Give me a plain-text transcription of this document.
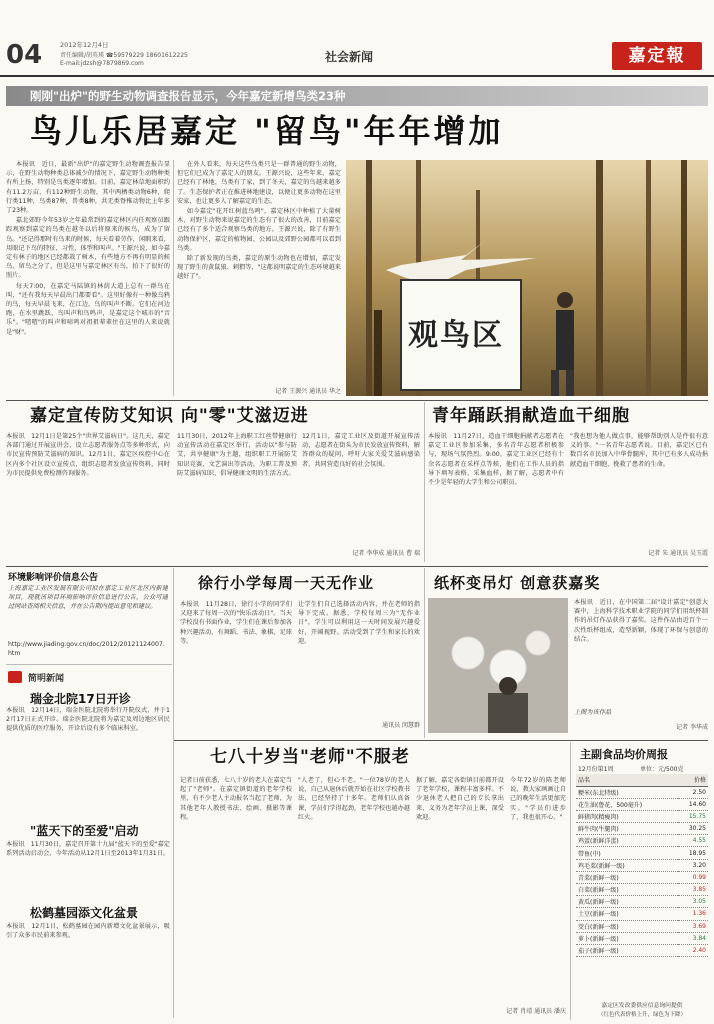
04	2012年12月4日
责任编辑/胡英瑛 ☎59579229 18601612225
E-mail:jdzsh@7879869.com	社会新闻	嘉定報
刚刚"出炉"的野生动物调查报告显示，今年嘉定新增鸟类23种
鸟儿乐居嘉定 "留鸟"年年增加

本报讯　近日，最新"出炉"的嘉定野生动物调查报告显示，在野生动物种类总体减少的情况下，嘉定野生动物种类有所上扬，特别是鸟类逐年增加。目前，嘉定林草地面积约有11.2万亩，有112种野生动物，其中两栖类动物6种，爬行类11种，鸟类87种，兽类8种，共无类脊椎动物比上年多了23种。

嘉北郊野今年53岁之年最常到的嘉定林区内任观察员跟踪观察到嘉定的鸟类在越冬以后将原来的候鸟，成为了留鸟。"还记得那时有鸟来的时候，每天看着劳作，闲暇来看，用眼记下鸟的特征，习性，体型和叫声。"王源兴说，如今嘉定有林子的地区已经都栽了树木，有些地方不再有明显的候鸟、留鸟之分了，但是这里与嘉定林区有鸟，拍下了很好的照片。

每天7:00，在嘉定马陆镇的林荫大道上总有一群鸟在叫，"还有我每天早晨出门都要看"。这里好像有一种像乌鸦的鸟，每天早晨飞来，在江边，鸟的叫声不断。它们在河边跑，在水里跳跃，鸟叫声和鸟鸣声，是嘉定这个城市的"音乐"。"喳喳"的叫声和啼鸣对祖祖辈辈住在这里的人来说就是"财"。

在外人看来，每天这些鸟类只是一群普通的野生动物，但它们已成为了嘉定人的朋友。王源兴说，这些年来，嘉定已经有了林地，鸟类有了家，到了冬天，嘉定的鸟越来越多了。生态保护者正在推进林地建设，以便让更多动物在这里安家，也让更多人了解嘉定的生态。

如今嘉定"花开红树蓝鸟鸣"，嘉定林区中种植了大量树木，对野生动物来说嘉定的生态有了很大的改善，目前嘉定已经有了多个适合观察鸟类的地方。王源兴说，除了有野生动物保护区，嘉定的植物园、公园以及郊野公园都可以看到鸟类。

除了新发现的鸟类，嘉定的原生动物也在增加，嘉定发现了野生的黄鼠狼、刺猬等，"这都说明嘉定的生态环境越来越好了"。

记者 王源兴 通讯员 华之
观鸟区
嘉定宣传防艾知识 向"零"艾滋迈进
本报讯　12月1日是第25个"世界艾滋病日"。这几天，嘉定各部门通过开展宣讲会、设立志愿者服务点等多种形式，向市民宣传预防艾滋病的知识。12月1日，嘉定区疾控中心在区内多个社区设立宣传点，组织志愿者发放宣传资料，同时为市民提供免费检测咨询服务。
11月30日，2012年上海职工红丝带健康行动宣传活动在嘉定区举行，活动以"参与防艾，共享健康"为主题，组织职工开展防艾知识竞赛、文艺演出等活动，为职工普及预防艾滋病知识，倡导健康文明的生活方式。
12月1日，嘉定工业区及街道开展宣传活动，志愿者在街头为市民发放宣传资料，解答群众的疑问，呼吁大家关爱艾滋病感染者，共同营造良好的社会氛围。
记者 李华成 通讯员 曹 瑞
青年踊跃捐献造血干细胞
本报讯　11月27日，造血干细胞捐献者志愿者在嘉定工业区参加采集，多名青年志愿者积极参与，现场气氛热烈。9:00，嘉定工业区已经有十余名志愿者在采样点等候，他们在工作人员的指导下填写表格、采集血样，据了解，志愿者中有不少是年轻的大学生和公司职员。
"我也想为他人做点事，能够帮助别人是件很有意义的事。"一名青年志愿者说。目前，嘉定区已有数百名市民加入中华骨髓库，其中已有多人成功捐献造血干细胞，挽救了患者的生命。
记者 朱 通讯员 吴玉霞
环境影响评价信息公告
上海嘉定工业区发展有限公司拟在嘉定工业区北区内新建项目，现就该项目环境影响评价信息进行公告，公众可通过网站查阅相关信息，并在公告期内提出意见和建议。
http://www.jiading.gov.cn/doc/2012/20121124007.htm
简明新闻
瑞金北院17日开诊
本报讯　12月14日，瑞金医院北院将举行开院仪式，并于12月17日正式开诊。瑞金医院北院将为嘉定及周边地区居民提供优质的医疗服务，开诊后设有多个临床科室。
"蓝天下的至爱"启动
本报讯　11月30日，嘉定召开第十九届"蓝天下的至爱"嘉定系列活动启动会，今年活动从12月1日至2013年1月31日。
松鹤墓园添文化盆景
本报讯　12月1日，松鹤墓园在园内新增文化盆景展示，吸引了众多市民前来参观。
徐行小学每周一天无作业
本报讯　11月28日，徐行小学的同学们又迎来了每周一次的"快乐活动日"。当天学校没有书面作业，学生们在课后参加各种兴趣活动，有舞蹈、书法、象棋、足球等。
让学生们自己选择活动内容，并在老师的指导下完成。据悉，学校每周三为"无作业日"，学生可以利用这一天时间发展兴趣爱好，开阔视野。活动受到了学生和家长的欢迎。
通讯员 闵慧群
纸杯变吊灯 创意获嘉奖
本报讯　近日，在中国第二届"设计嘉定"创意大赛中，上海科学技术职业学院的同学们用纸杯制作的吊灯作品获得了嘉奖。这件作品由近百个一次性纸杯组成，造型新颖，体现了环保与创意的结合。
上图为该作品
记者 李华成
七八十岁当"老师"不服老
记者日前获悉，七八十岁的老人在嘉定当起了"老师"。在嘉定镇街道的老年学校里，有不少老人主动报名当起了老师，为其他老年人教授书法、绘画、摄影等课程。
"人老了，但心不老。"一位78岁的老人说，自己从退休后就开始在社区学校教书法，已经坚持了十多年。老师们认真备课，学员们学得起劲，老年学校也越办越红火。
据了解，嘉定各街镇目前都开设了老年学校，课程丰富多样。不少退休老人把自己的专长拿出来，义务为老年学员上课，深受欢迎。
今年72岁的陈老师说，教大家画画让自己的晚年生活更加充实。"学员们进步了，我也很开心。"
记者 肖靖 通讯员 潘庆
主副食品均价周报
12月份第1周	单位：元/500克
品名	价格
粳米(东北特级)	2.50
花生油(鲁花，500毫升)	14.60
鲜猪肉(精瘦肉)	15.75
鲜牛肉(牛腿肉)	30.25
鸡蛋(新鲜洋蛋)	4.55
带鱼(中)	18.95
鸡毛菜(新鲜一级)	3.20
青菜(新鲜一级)	0.99
白菜(新鲜一级)	3.85
黄瓜(新鲜一级)	3.05
土豆(新鲜一级)	1.36
茭白(新鲜一级)	3.69
萝卜(新鲜一级)	3.84
茄子(新鲜一级)	2.40
嘉定区发改委供应信息询问提供
（红色代表价格上升，绿色为下降）
